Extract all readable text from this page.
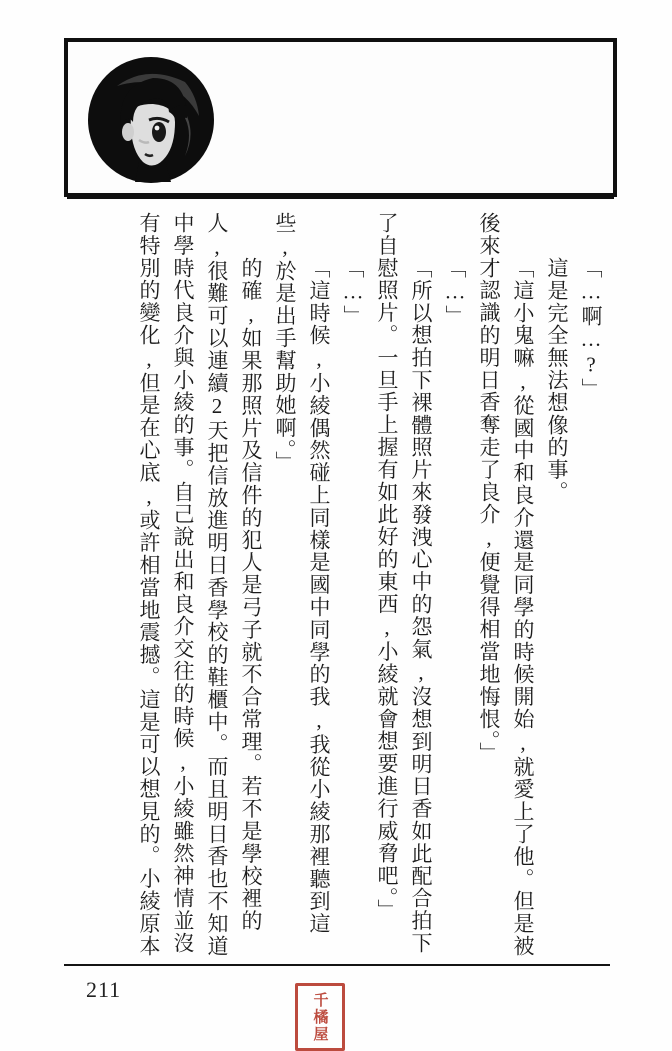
「…啊…?」

這是完全無法想像的事。

「這小鬼嘛,從國中和良介還是同學的時候開始,就愛上了他。但是被後來才認識的明日香奪走了良介,便覺得相當地悔恨。」

「…」

「所以想拍下裸體照片來發洩心中的怨氣,沒想到明日香如此配合拍下了自慰照片。一旦手上握有如此好的東西,小綾就會想要進行威脅吧。」

「…」

「這時候,小綾偶然碰上同樣是國中同學的我,我從小綾那裡聽到這些,於是出手幫助她啊。」

的確,如果那照片及信件的犯人是弓子就不合常理。若不是學校裡的人,很難可以連續2天把信放進明日香學校的鞋櫃中。而且明日香也不知道中學時代良介與小綾的事。自己說出和良介交往的時候,小綾雖然神情並沒有特別的變化,但是在心底,或許相當地震撼。這是可以想見的。小綾原本

211
千橘屋
